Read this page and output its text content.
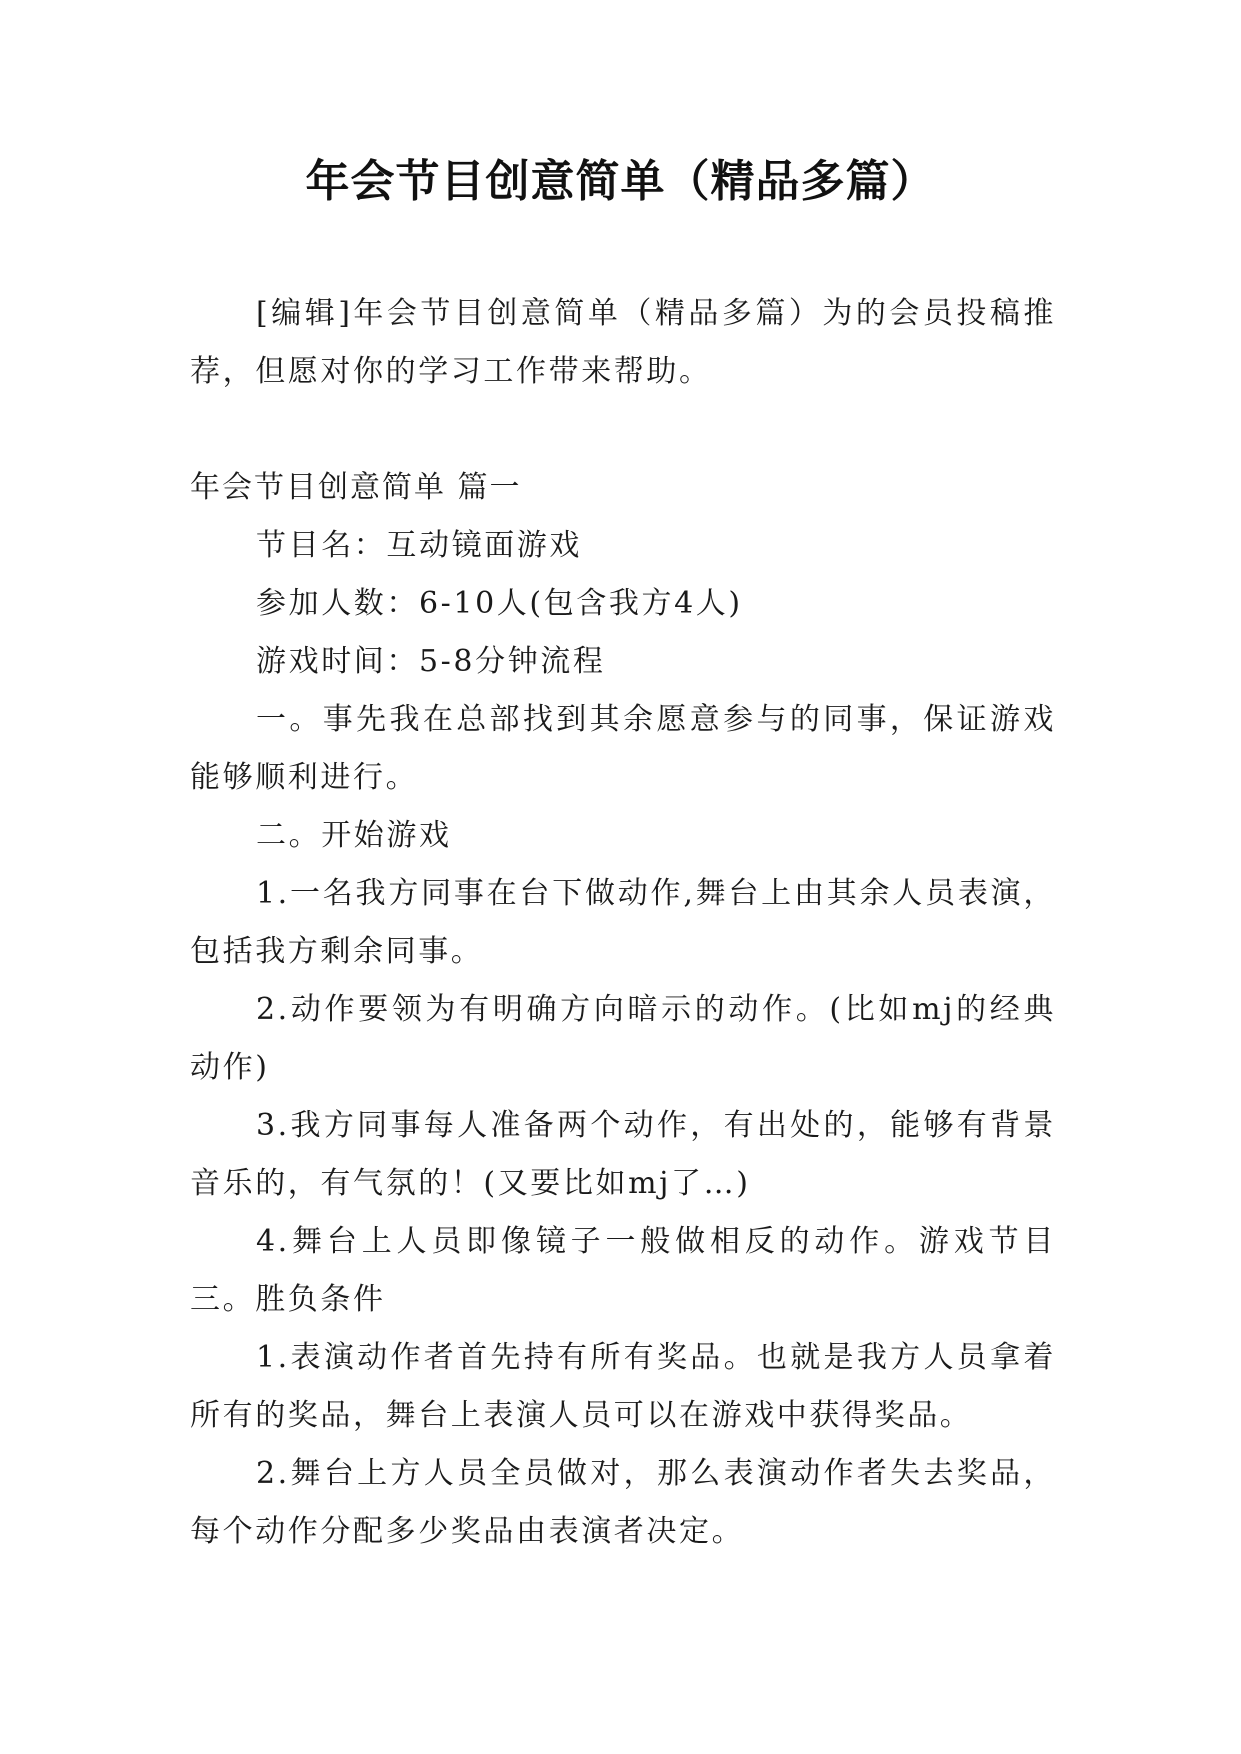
年会节目创意简单（精品多篇）

[编辑]年会节目创意简单（精品多篇）为的会员投稿推荐，但愿对你的学习工作带来帮助。

年会节目创意简单 篇一

节目名：互动镜面游戏

参加人数：6-10人(包含我方4人)

游戏时间：5-8分钟流程

一。事先我在总部找到其余愿意参与的同事，保证游戏能够顺利进行。

二。开始游戏

1.一名我方同事在台下做动作,舞台上由其余人员表演，包括我方剩余同事。

2.动作要领为有明确方向暗示的动作。(比如mj的经典动作)

3.我方同事每人准备两个动作，有出处的，能够有背景音乐的，有气氛的！(又要比如mj了…)

4.舞台上人员即像镜子一般做相反的动作。游戏节目三。胜负条件

1.表演动作者首先持有所有奖品。也就是我方人员拿着所有的奖品，舞台上表演人员可以在游戏中获得奖品。

2.舞台上方人员全员做对，那么表演动作者失去奖品，每个动作分配多少奖品由表演者决定。
